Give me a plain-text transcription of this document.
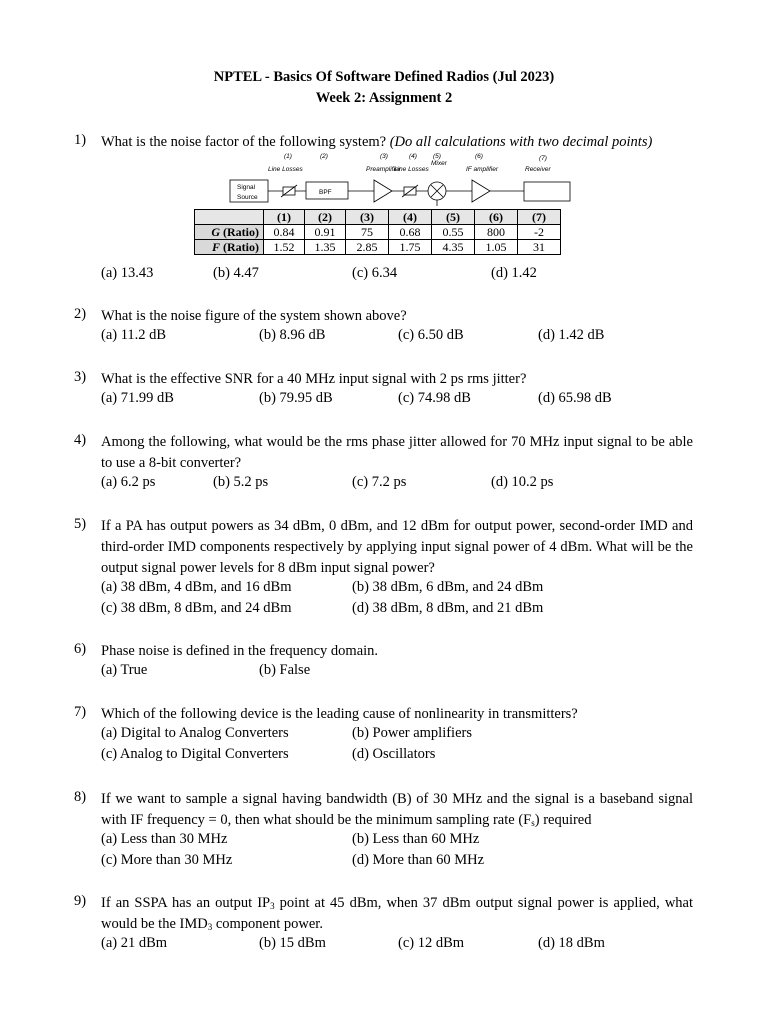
NPTEL - Basics Of Software Defined Radios (Jul 2023)
Week 2: Assignment 2
1) What is the noise factor of the following system? (Do all calculations with two decimal points)
(1)	(2)	(3)	(4) (5)	(6)	(7)
Line Losses	Preamplifier
Line Losses
Mixer
IF amplifier	Receiver
Signal
Source
BPF
	(1)	(2)	(3)	(4)	(5)	(6)	(7)
G (Ratio)	0.84	0.91	75	0.68	0.55	800	-2
F (Ratio)	1.52	1.35	2.85	1.75	4.35	1.05	31
(a) 13.43	(b) 4.47	(c) 6.34	(d) 1.42
2) What is the noise figure of the system shown above?
(a) 11.2 dB	(b) 8.96 dB	(c) 6.50 dB	(d) 1.42 dB
3) What is the effective SNR for a 40 MHz input signal with 2 ps rms jitter?
(a) 71.99 dB	(b) 79.95 dB	(c) 74.98 dB	(d) 65.98 dB
4) Among the following, what would be the rms phase jitter allowed for 70 MHz input signal to be able to use a 8-bit converter?
(a) 6.2 ps	(b) 5.2 ps	(c) 7.2 ps	(d) 10.2 ps
5) If a PA has output powers as 34 dBm, 0 dBm, and 12 dBm for output power, second-order IMD and third-order IMD components respectively by applying input signal power of 4 dBm. What will be the output signal power levels for 8 dBm input signal power?
(a) 38 dBm, 4 dBm, and 16 dBm	(b) 38 dBm, 6 dBm, and 24 dBm
(c) 38 dBm, 8 dBm, and 24 dBm	(d) 38 dBm, 8 dBm, and 21 dBm
6) Phase noise is defined in the frequency domain.
(a) True	(b) False
7) Which of the following device is the leading cause of nonlinearity in transmitters?
(a) Digital to Analog Converters	(b) Power amplifiers
(c) Analog to Digital Converters	(d) Oscillators
8) If we want to sample a signal having bandwidth (B) of 30 MHz and the signal is a baseband signal with IF frequency = 0, then what should be the minimum sampling rate $(F_s)$ required
(a) Less than 30 MHz	(b) Less than 60 MHz
(c) More than 30 MHz	(d) More than 60 MHz
9) If an SSPA has an output $IP_3$ point at 45 dBm, when 37 dBm output signal power is applied, what would be the $IMD_3$ component power.
(a) 21 dBm	(b) 15 dBm	(c) 12 dBm	(d) 18 dBm
